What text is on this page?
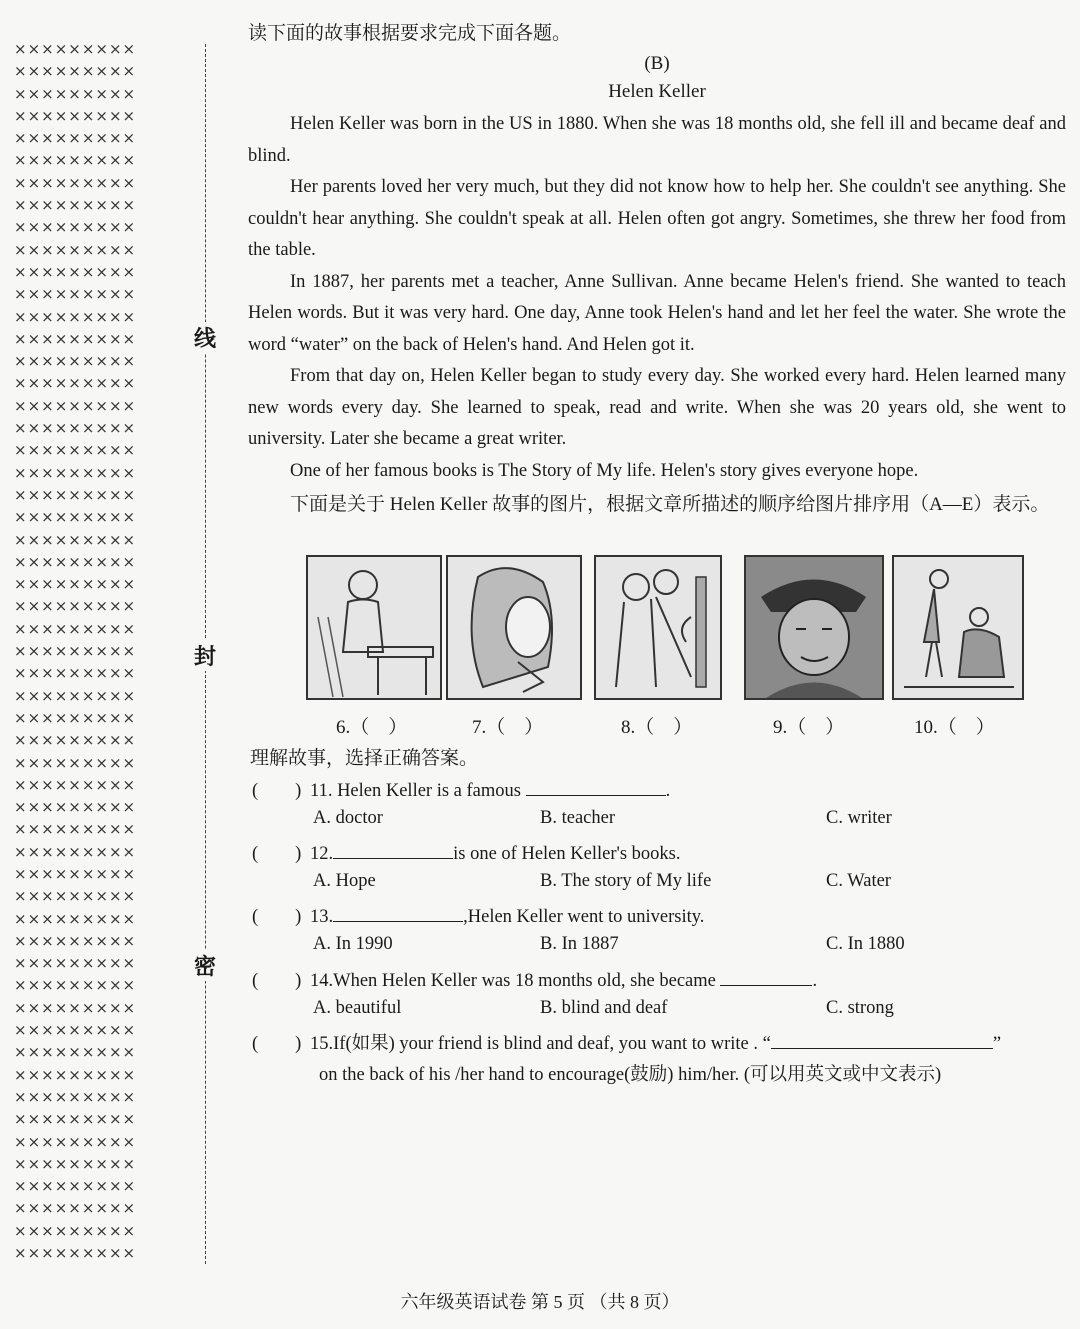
×××××××××
×××××××××
×××××××××
×××××××××
×××××××××
×××××××××
×××××××××
×××××××××
×××××××××
×××××××××
×××××××××
×××××××××
×××××××××
×××××××××
×××××××××
×××××××××
×××××××××
×××××××××
×××××××××
×××××××××
×××××××××
×××××××××
×××××××××
×××××××××
×××××××××
×××××××××
×××××××××
×××××××××
×××××××××
×××××××××
×××××××××
×××××××××
×××××××××
×××××××××
×××××××××
×××××××××
×××××××××
×××××××××
×××××××××
×××××××××
×××××××××
×××××××××
×××××××××
×××××××××
×××××××××
×××××××××
×××××××××
×××××××××
×××××××××
×××××××××
×××××××××
×××××××××
×××××××××
×××××××××
×××××××××
线
封
密

读下面的故事根据要求完成下面各题。

(B)
Helen Keller

Helen Keller was born in the US in 1880. When she was 18 months old, she fell ill and became deaf and blind.

Her parents loved her very much, but they did not know how to help her. She couldn't see anything. She couldn't hear anything. She couldn't speak at all. Helen often got angry. Sometimes, she threw her food from the table.

In 1887, her parents met a teacher, Anne Sullivan. Anne became Helen's friend. She wanted to teach Helen words. But it was very hard. One day, Anne took Helen's hand and let her feel the water. She wrote the word “water” on the back of Helen's hand. And Helen got it.

From that day on, Helen Keller began to study every day. She worked every hard. Helen learned many new words every day. She learned to speak, read and write. When she was 20 years old, she went to university. Later she became a great writer.

One of her famous books is The Story of My life. Helen's story gives everyone hope.

下面是关于 Helen Keller 故事的图片，根据文章所描述的顺序给图片排序用（A—E）表示。

6.（　）	7.（　）	8.（　）	9.（　）	10.（　）
理解故事，选择正确答案。
(　　) 11. Helen Keller is a famous	.
A. doctor	B. teacher	C. writer
(　　) 12.	is one of Helen Keller's books.
A. Hope	B. The story of My life	C. Water
(　　) 13.	,Helen Keller went to university.
A. In 1990	B. In 1887	C. In 1880
(　　) 14.When Helen Keller was 18 months old, she became	.
A. beautiful	B. blind and deaf	C. strong
(　　) 15.If(如果) your friend is blind and deaf, you want to write . “	”
on the back of his /her hand to encourage(鼓励) him/her. (可以用英文或中文表示)
六年级英语试卷 第 5 页 （共 8 页）
